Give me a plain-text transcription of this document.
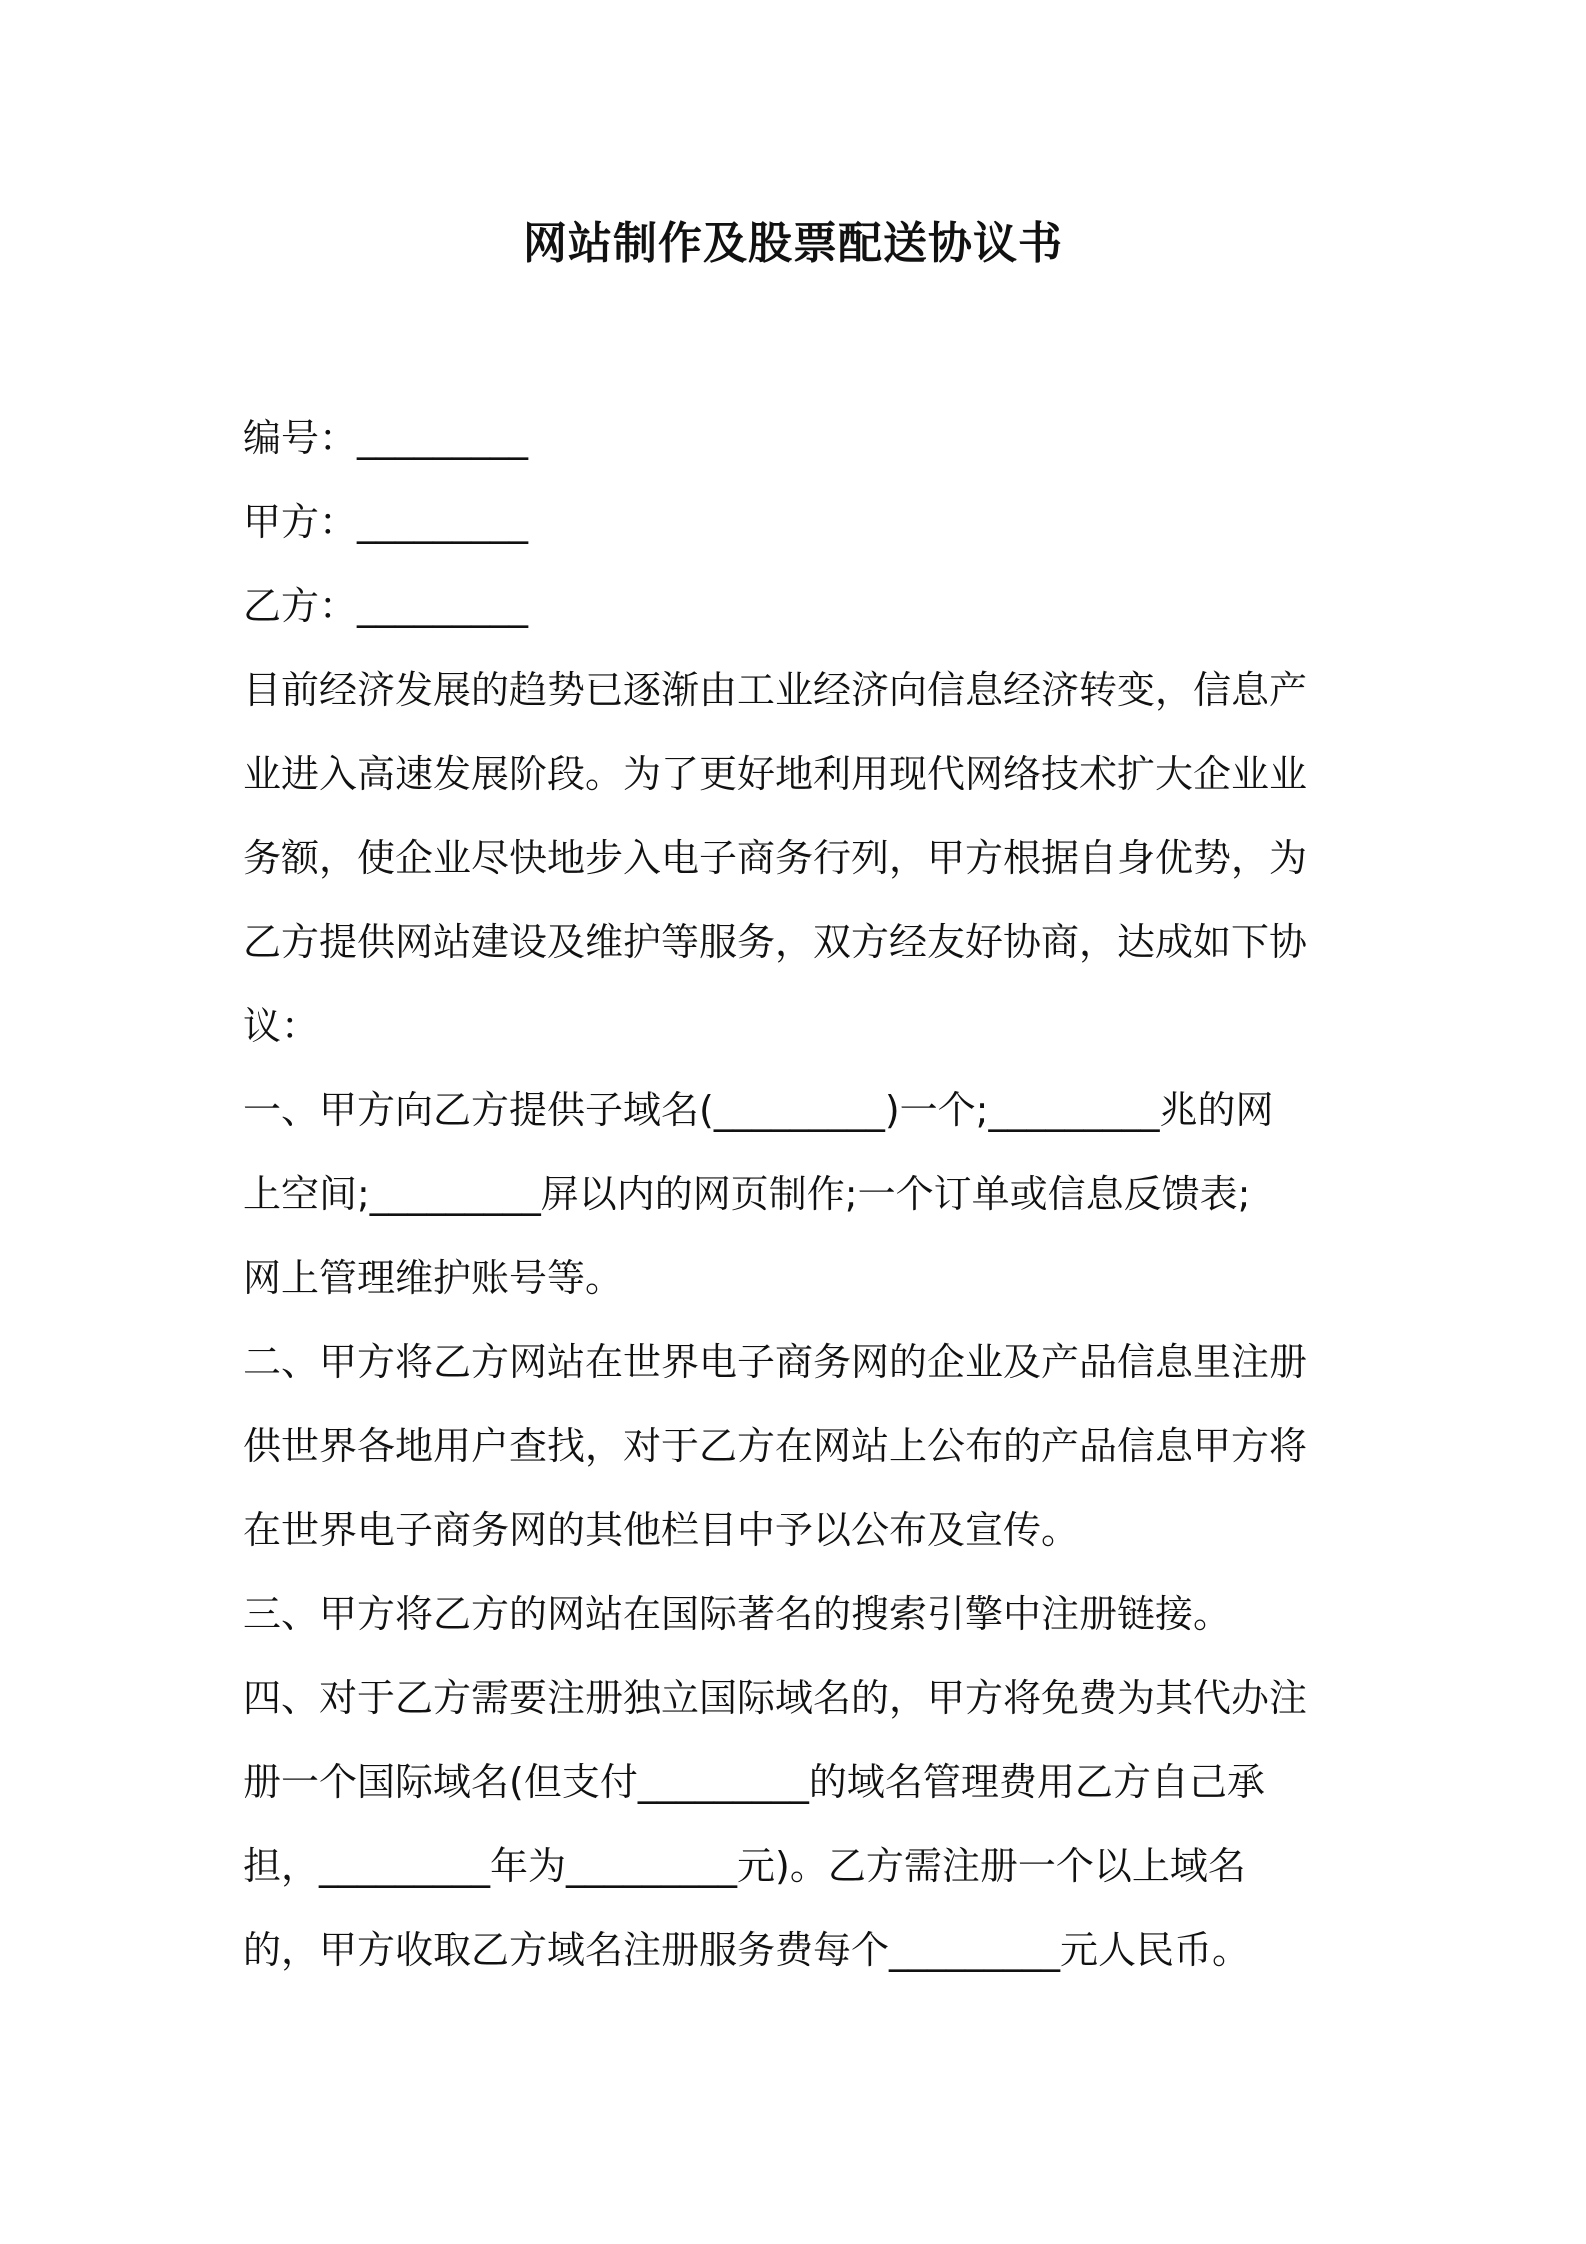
网站制作及股票配送协议书
编号：_________
甲方：_________
乙方：_________
目前经济发展的趋势已逐渐由工业经济向信息经济转变，信息产
业进入高速发展阶段。为了更好地利用现代网络技术扩大企业业
务额，使企业尽快地步入电子商务行列，甲方根据自身优势，为
乙方提供网站建设及维护等服务，双方经友好协商，达成如下协
议：
一、甲方向乙方提供子域名(_________)一个;_________兆的网
上空间;_________屏以内的网页制作;一个订单或信息反馈表;
网上管理维护账号等。
二、甲方将乙方网站在世界电子商务网的企业及产品信息里注册
供世界各地用户查找，对于乙方在网站上公布的产品信息甲方将
在世界电子商务网的其他栏目中予以公布及宣传。
三、甲方将乙方的网站在国际著名的搜索引擎中注册链接。
四、对于乙方需要注册独立国际域名的，甲方将免费为其代办注
册一个国际域名(但支付_________的域名管理费用乙方自己承
担，_________年为_________元)。乙方需注册一个以上域名
的，甲方收取乙方域名注册服务费每个_________元人民币。
